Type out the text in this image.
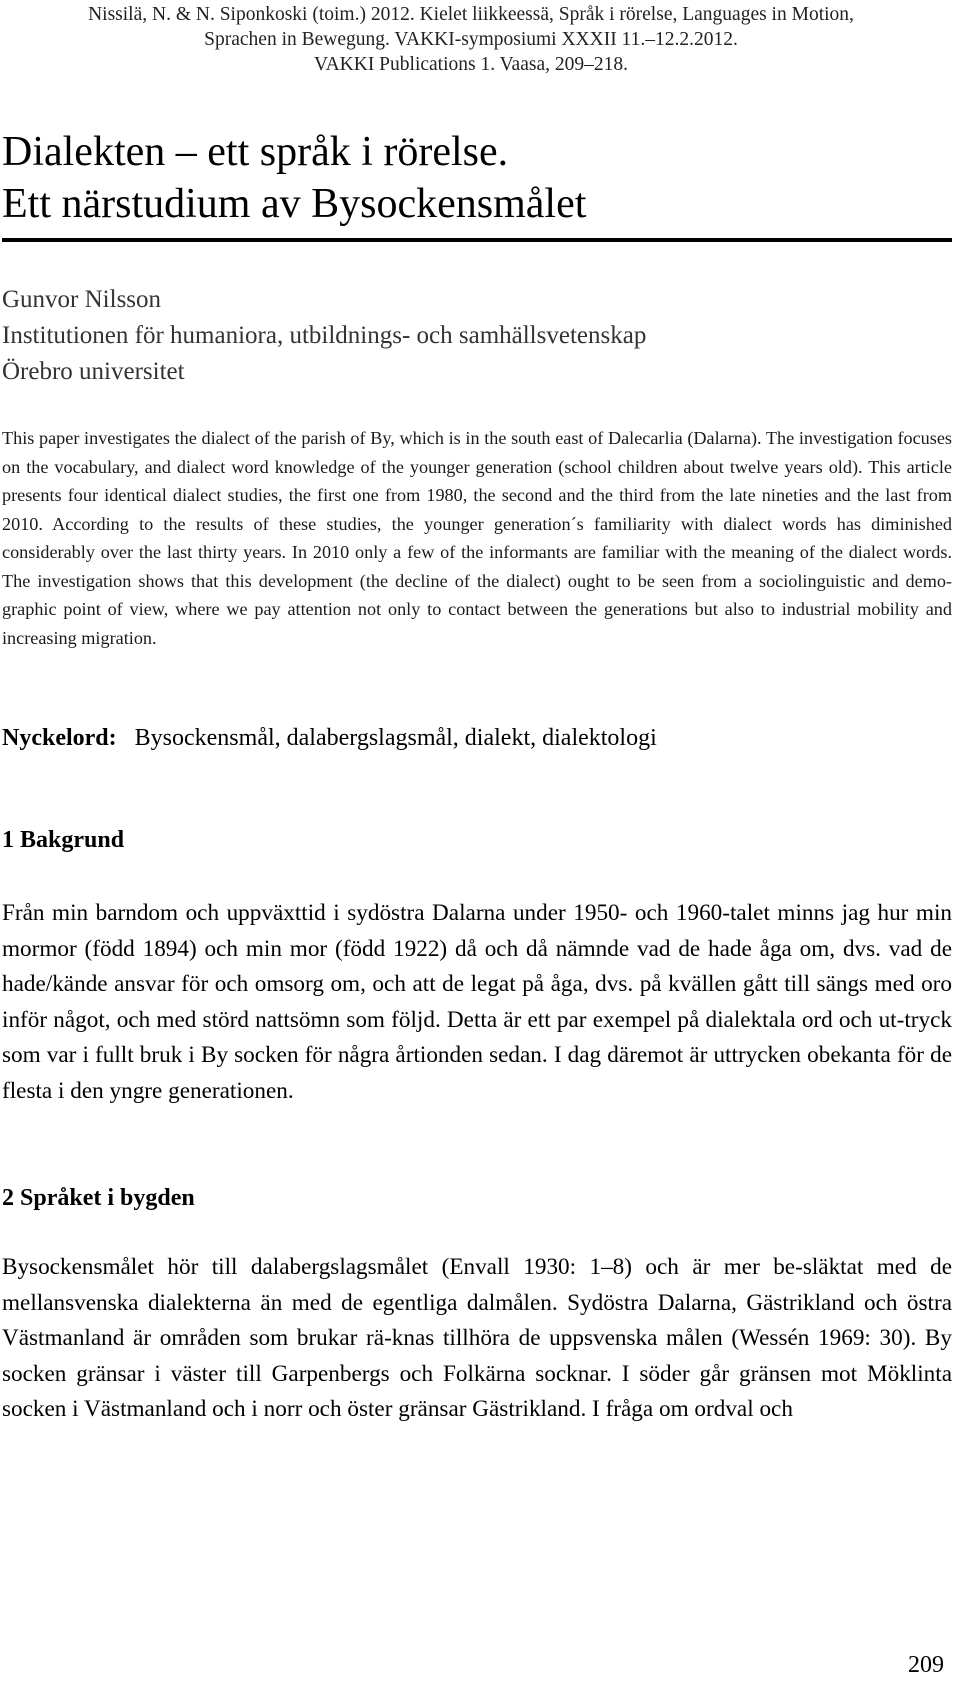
Nissilä, N. & N. Siponkoski (toim.) 2012. Kielet liikkeessä, Språk i rörelse, Languages in Motion,
Sprachen in Bewegung. VAKKI-symposiumi XXXII 11.–12.2.2012.
VAKKI Publications 1. Vaasa, 209–218.
Dialekten – ett språk i rörelse.
Ett närstudium av Bysockensmålet
Gunvor Nilsson
Institutionen för humaniora, utbildnings- och samhällsvetenskap
Örebro universitet
This paper investigates the dialect of the parish of By, which is in the south east of Dalecarlia (Dalarna). The investigation focuses on the vocabulary, and dialect word knowledge of the younger generation (school children about twelve years old). This article presents four identical dialect studies, the first one from 1980, the second and the third from the late nineties and the last from 2010. According to the results of these studies, the younger generation´s familiarity with dialect words has diminished considerably over the last thirty years. In 2010 only a few of the informants are familiar with the meaning of the dialect words. The investigation shows that this development (the decline of the dialect) ought to be seen from a sociolinguistic and demo-graphic point of view, where we pay attention not only to contact between the generations but also to industrial mobility and increasing migration.
Nyckelord: Bysockensmål, dalabergslagsmål, dialekt, dialektologi
1 Bakgrund
Från min barndom och uppväxttid i sydöstra Dalarna under 1950- och 1960-talet minns jag hur min mormor (född 1894) och min mor (född 1922) då och då nämnde vad de hade åga om, dvs. vad de hade/kände ansvar för och omsorg om, och att de legat på åga, dvs. på kvällen gått till sängs med oro inför något, och med störd nattsömn som följd. Detta är ett par exempel på dialektala ord och ut-tryck som var i fullt bruk i By socken för några årtionden sedan. I dag däremot är uttrycken obekanta för de flesta i den yngre generationen.
2 Språket i bygden
Bysockensmålet hör till dalabergslagsmålet (Envall 1930: 1–8) och är mer be-släktat med de mellansvenska dialekterna än med de egentliga dalmålen. Sydöstra Dalarna, Gästrikland och östra Västmanland är områden som brukar rä-knas tillhöra de uppsvenska målen (Wessén 1969: 30). By socken gränsar i väster till Garpenbergs och Folkärna socknar. I söder går gränsen mot Möklinta socken i Västmanland och i norr och öster gränsar Gästrikland. I fråga om ordval och
209
